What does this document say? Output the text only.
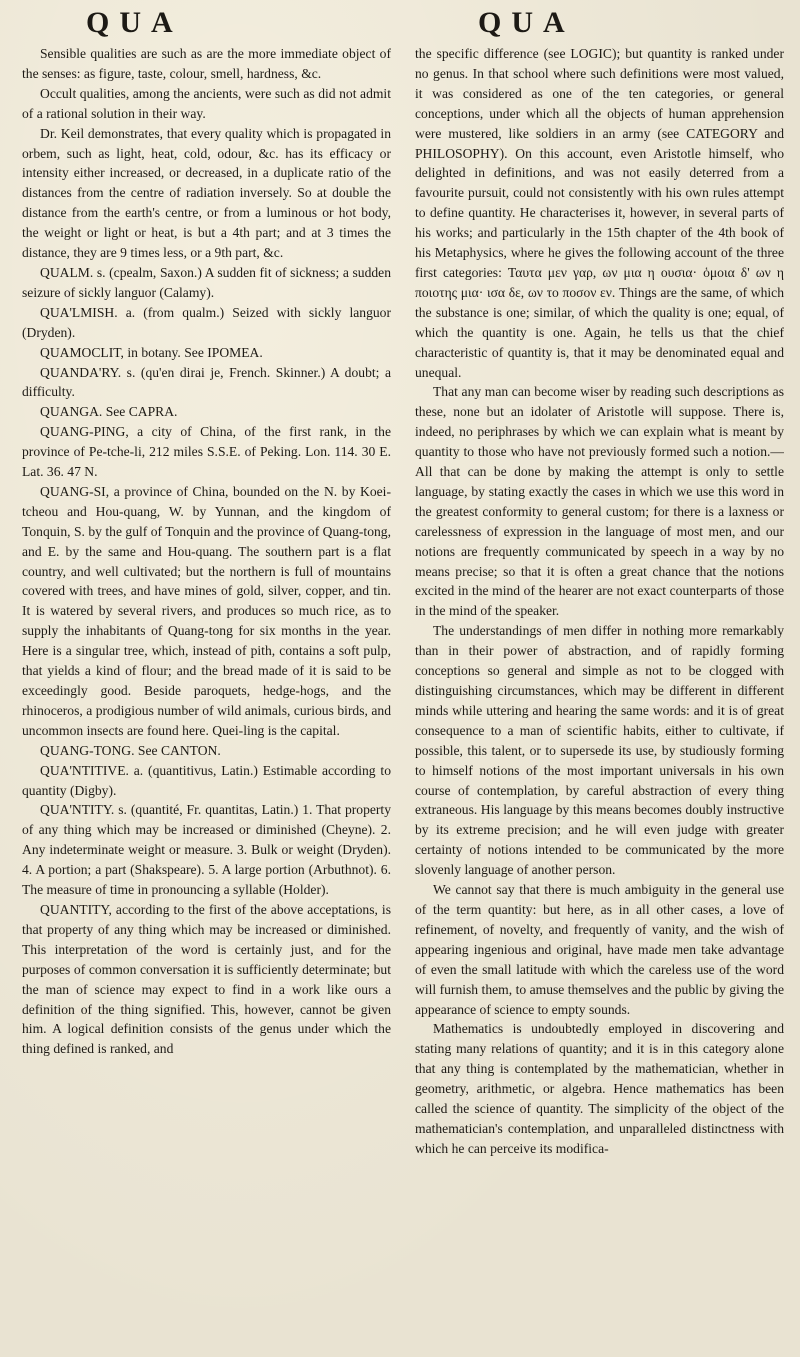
QUA	QUA

Sensible qualities are such as are the more immediate object of the senses: as figure, taste, colour, smell, hardness, &c.

Occult qualities, among the ancients, were such as did not admit of a rational solution in their way.

Dr. Keil demonstrates, that every quality which is propagated in orbem, such as light, heat, cold, odour, &c. has its efficacy or intensity either increased, or decreased, in a duplicate ratio of the distances from the centre of radiation inversely. So at double the distance from the earth's centre, or from a luminous or hot body, the weight or light or heat, is but a 4th part; and at 3 times the distance, they are 9 times less, or a 9th part, &c.

QUALM. s. (cpealm, Saxon.) A sudden fit of sickness; a sudden seizure of sickly languor (Calamy).

QUA'LMISH. a. (from qualm.) Seized with sickly languor (Dryden).

QUAMOCLIT, in botany. See IPOMEA.

QUANDA'RY. s. (qu'en dirai je, French. Skinner.) A doubt; a difficulty.

QUANGA. See CAPRA.

QUANG-PING, a city of China, of the first rank, in the province of Pe-tche-li, 212 miles S.S.E. of Peking. Lon. 114. 30 E. Lat. 36. 47 N.

QUANG-SI, a province of China, bounded on the N. by Koei-tcheou and Hou-quang, W. by Yunnan, and the kingdom of Tonquin, S. by the gulf of Tonquin and the province of Quang-tong, and E. by the same and Hou-quang. The southern part is a flat country, and well cultivated; but the northern is full of mountains covered with trees, and have mines of gold, silver, copper, and tin. It is watered by several rivers, and produces so much rice, as to supply the inhabitants of Quang-tong for six months in the year. Here is a singular tree, which, instead of pith, contains a soft pulp, that yields a kind of flour; and the bread made of it is said to be exceedingly good. Beside paroquets, hedge-hogs, and the rhinoceros, a prodigious number of wild animals, curious birds, and uncommon insects are found here. Quei-ling is the capital.

QUANG-TONG. See CANTON.

QUA'NTITIVE. a. (quantitivus, Latin.) Estimable according to quantity (Digby).

QUA'NTITY. s. (quantité, Fr. quantitas, Latin.) 1. That property of any thing which may be increased or diminished (Cheyne). 2. Any indeterminate weight or measure. 3. Bulk or weight (Dryden). 4. A portion; a part (Shakspeare). 5. A large portion (Arbuthnot). 6. The measure of time in pronouncing a syllable (Holder).

QUANTITY, according to the first of the above acceptations, is that property of any thing which may be increased or diminished. This interpretation of the word is certainly just, and for the purposes of common conversation it is sufficiently determinate; but the man of science may expect to find in a work like ours a definition of the thing signified. This, however, cannot be given him. A logical definition consists of the genus under which the thing defined is ranked, and

the specific difference (see LOGIC); but quantity is ranked under no genus. In that school where such definitions were most valued, it was considered as one of the ten categories, or general conceptions, under which all the objects of human apprehension were mustered, like soldiers in an army (see CATEGORY and PHILOSOPHY). On this account, even Aristotle himself, who delighted in definitions, and was not easily deterred from a favourite pursuit, could not consistently with his own rules attempt to define quantity. He characterises it, however, in several parts of his works; and particularly in the 15th chapter of the 4th book of his Metaphysics, where he gives the following account of the three first categories: Ταυτα μεν γαρ, ων μια η ουσια· ὁμοια δ' ων η ποιοτης μια· ισα δε, ων το ποσον εν. Things are the same, of which the substance is one; similar, of which the quality is one; equal, of which the quantity is one. Again, he tells us that the chief characteristic of quantity is, that it may be denominated equal and unequal.

That any man can become wiser by reading such descriptions as these, none but an idolater of Aristotle will suppose. There is, indeed, no periphrases by which we can explain what is meant by quantity to those who have not previously formed such a notion.—All that can be done by making the attempt is only to settle language, by stating exactly the cases in which we use this word in the greatest conformity to general custom; for there is a laxness or carelessness of expression in the language of most men, and our notions are frequently communicated by speech in a way by no means precise; so that it is often a great chance that the notions excited in the mind of the hearer are not exact counterparts of those in the mind of the speaker.

The understandings of men differ in nothing more remarkably than in their power of abstraction, and of rapidly forming conceptions so general and simple as not to be clogged with distinguishing circumstances, which may be different in different minds while uttering and hearing the same words: and it is of great consequence to a man of scientific habits, either to cultivate, if possible, this talent, or to supersede its use, by studiously forming to himself notions of the most important universals in his own course of contemplation, by careful abstraction of every thing extraneous. His language by this means becomes doubly instructive by its extreme precision; and he will even judge with greater certainty of notions intended to be communicated by the more slovenly language of another person.

We cannot say that there is much ambiguity in the general use of the term quantity: but here, as in all other cases, a love of refinement, of novelty, and frequently of vanity, and the wish of appearing ingenious and original, have made men take advantage of even the small latitude with which the careless use of the word will furnish them, to amuse themselves and the public by giving the appearance of science to empty sounds.

Mathematics is undoubtedly employed in discovering and stating many relations of quantity; and it is in this category alone that any thing is contemplated by the mathematician, whether in geometry, arithmetic, or algebra. Hence mathematics has been called the science of quantity. The simplicity of the object of the mathematician's contemplation, and unparalleled distinctness with which he can perceive its modifica-
